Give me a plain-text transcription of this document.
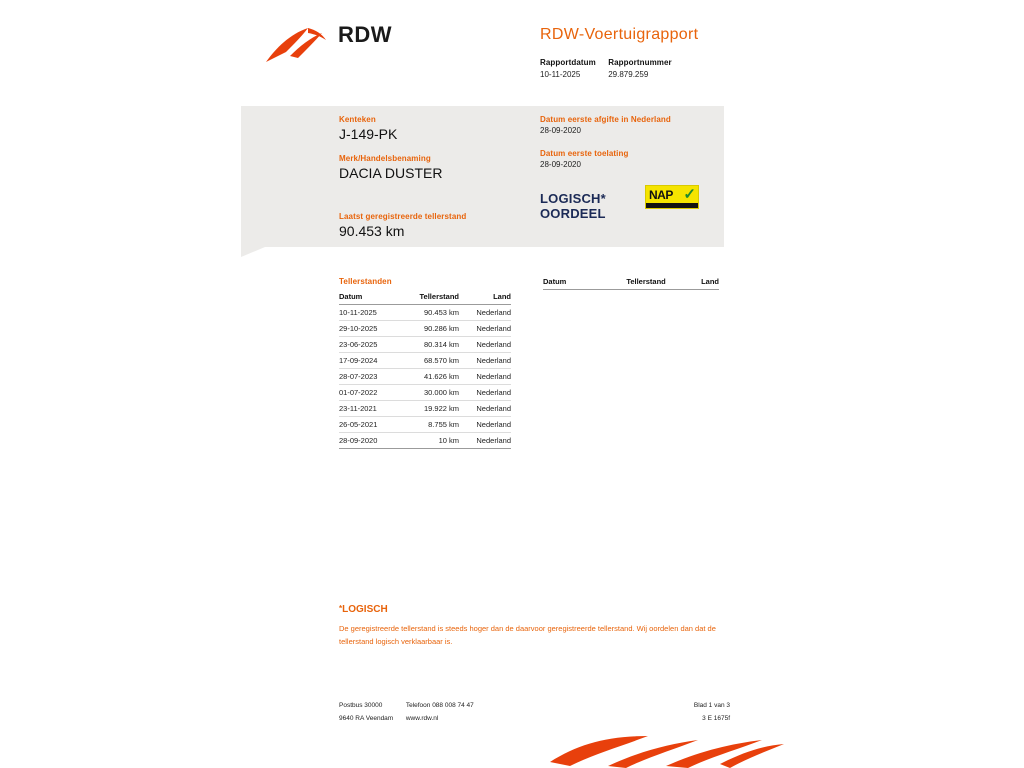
RDW	RDW-Voertuigrapport
Rapportdatum
10-11-2025

Rapportnummer
29.879.259

Kenteken

J-149-PK

Merk/Handelsbenaming

DACIA DUSTER

Datum eerste afgifte in Nederland

28-09-2020

Datum eerste toelating

28-09-2020

Laatst geregistreerde tellerstand

90.453 km

LOGISCH*
OORDEEL
NAP ✓
Tellerstanden
Datum	Tellerstand	Land
10-11-2025	90.453 km	Nederland
29-10-2025	90.286 km	Nederland
23-06-2025	80.314 km	Nederland
17-09-2024	68.570 km	Nederland
28-07-2023	41.626 km	Nederland
01-07-2022	30.000 km	Nederland
23-11-2021	19.922 km	Nederland
26-05-2021	8.755 km	Nederland
28-09-2020	10 km	Nederland
Datum	Tellerstand	Land
*LOGISCH
De geregistreerde tellerstand is steeds hoger dan de daarvoor geregistreerde tellerstand. Wij oordelen dan dat de tellerstand logisch verklaarbaar is.
Postbus 30000
9640 RA Veendam

Telefoon 088 008 74 47
www.rdw.nl
Blad 1 van 3
3 E 1675f
